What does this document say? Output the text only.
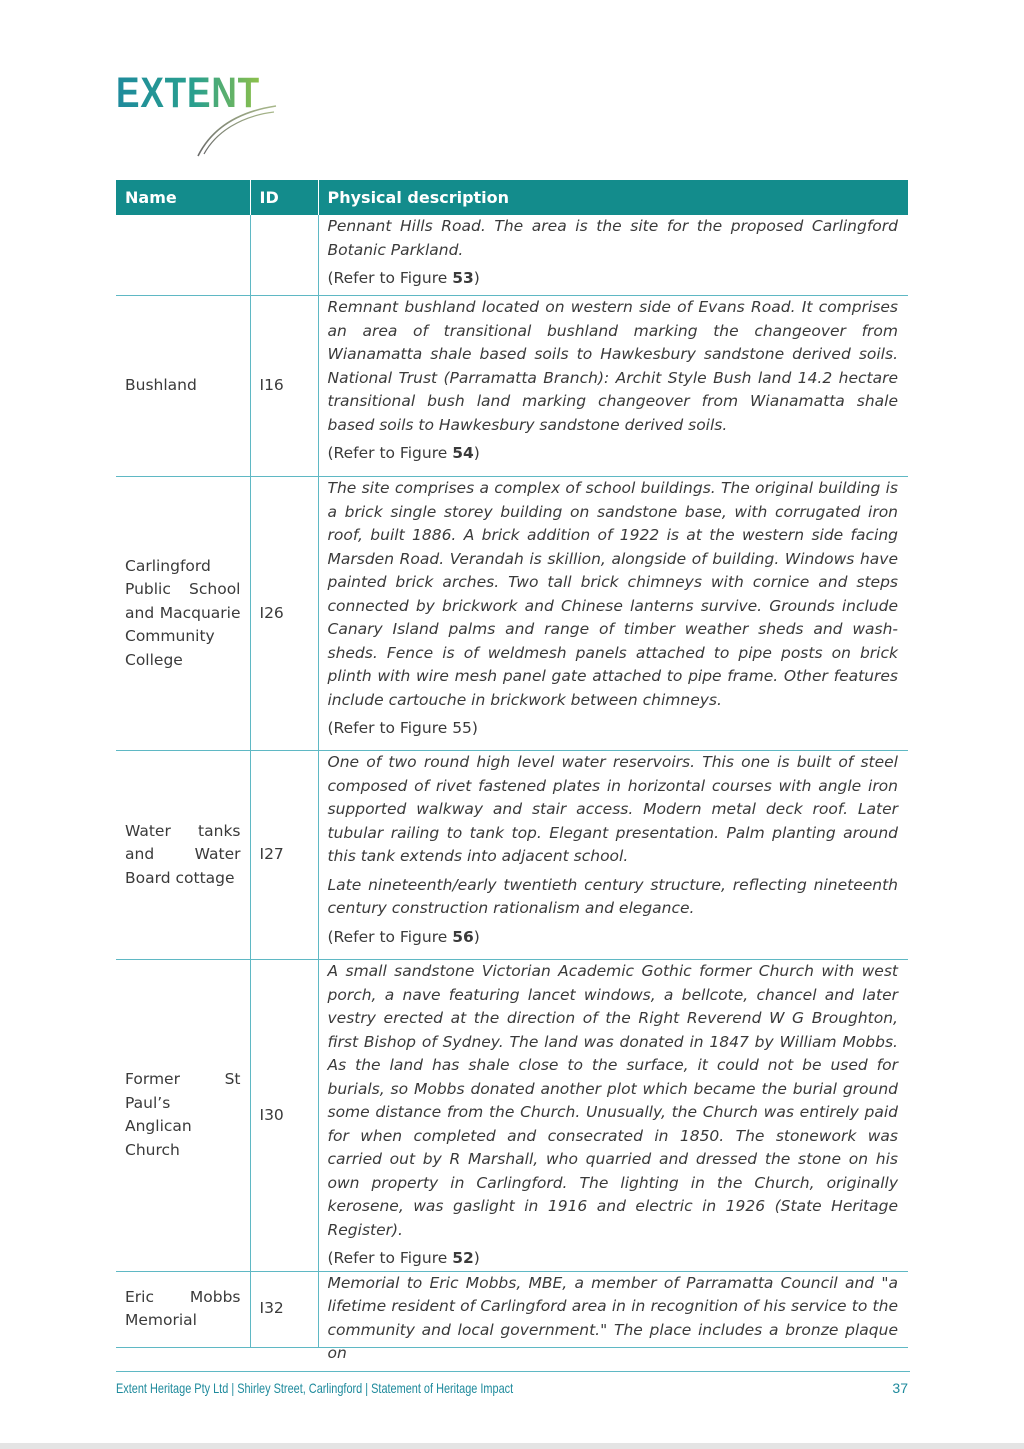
EXTENT
Name	ID	Physical description

		Pennant Hills Road. The area is the site for the proposed Carlingford Botanic Parkland.

(Refer to Figure 53)

Bushland	I16	Remnant bushland located on western side of Evans Road. It comprises an area of transitional bushland marking the changeover from Wianamatta shale based soils to Hawkesbury sandstone derived soils. National Trust (Parramatta Branch): Archit Style Bush land 14.2 hectare transitional bush land marking changeover from Wianamatta shale based soils to Hawkesbury sandstone derived soils.

(Refer to Figure 54)

Carlingford Public School and Macquarie Community College	I26	The site comprises a complex of school buildings. The original building is a brick single storey building on sandstone base, with corrugated iron roof, built 1886. A brick addition of 1922 is at the western side facing Marsden Road. Verandah is skillion, alongside of building. Windows have painted brick arches. Two tall brick chimneys with cornice and steps connected by brickwork and Chinese lanterns survive. Grounds include Canary Island palms and range of timber weather sheds and wash-sheds. Fence is of weldmesh panels attached to pipe posts on brick plinth with wire mesh panel gate attached to pipe frame. Other features include cartouche in brickwork between chimneys.

(Refer to Figure 55)

Water tanks and Water Board cottage	I27	One of two round high level water reservoirs. This one is built of steel composed of rivet fastened plates in horizontal courses with angle iron supported walkway and stair access. Modern metal deck roof. Later tubular railing to tank top. Elegant presentation. Palm planting around this tank extends into adjacent school.

Late nineteenth/early twentieth century structure, reflecting nineteenth century construction rationalism and elegance.

(Refer to Figure 56)

Former St Paul’s Anglican Church	I30	A small sandstone Victorian Academic Gothic former Church with west porch, a nave featuring lancet windows, a bellcote, chancel and later vestry erected at the direction of the Right Reverend W G Broughton, first Bishop of Sydney. The land was donated in 1847 by William Mobbs. As the land has shale close to the surface, it could not be used for burials, so Mobbs donated another plot which became the burial ground some distance from the Church. Unusually, the Church was entirely paid for when completed and consecrated in 1850. The stonework was carried out by R Marshall, who quarried and dressed the stone on his own property in Carlingford. The lighting in the Church, originally kerosene, was gaslight in 1916 and electric in 1926 (State Heritage Register).

(Refer to Figure 52)

Eric Mobbs Memorial	I32	Memorial to Eric Mobbs, MBE, a member of Parramatta Council and "a lifetime resident of Carlingford area in in recognition of his service to the community and local government." The place includes a bronze plaque on

Extent Heritage Pty Ltd | Shirley Street, Carlingford | Statement of Heritage Impact	37
